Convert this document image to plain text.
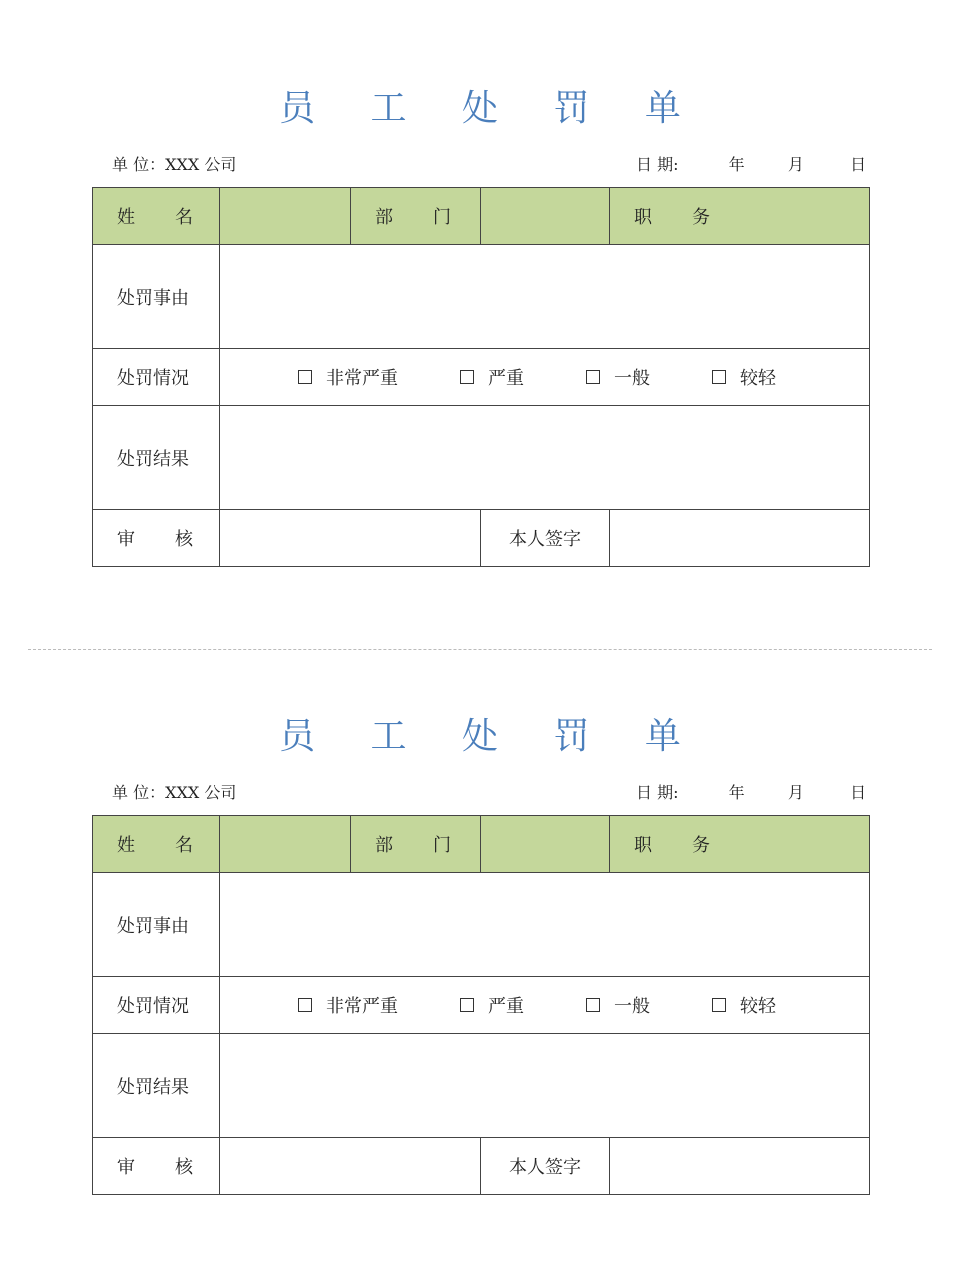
员 工 处 罚 单
单 位：XXX 公司	日 期:	年	月	日
姓 名		部 门		职 务

处罚事由				
处罚情况	非常严重 严重 一般 较轻			

处罚结果				

审 核			本人签字	
员 工 处 罚 单
单 位：XXX 公司	日 期:	年	月	日
姓 名		部 门		职 务

处罚事由				
处罚情况	非常严重 严重 一般 较轻			

处罚结果				

审 核			本人签字	
